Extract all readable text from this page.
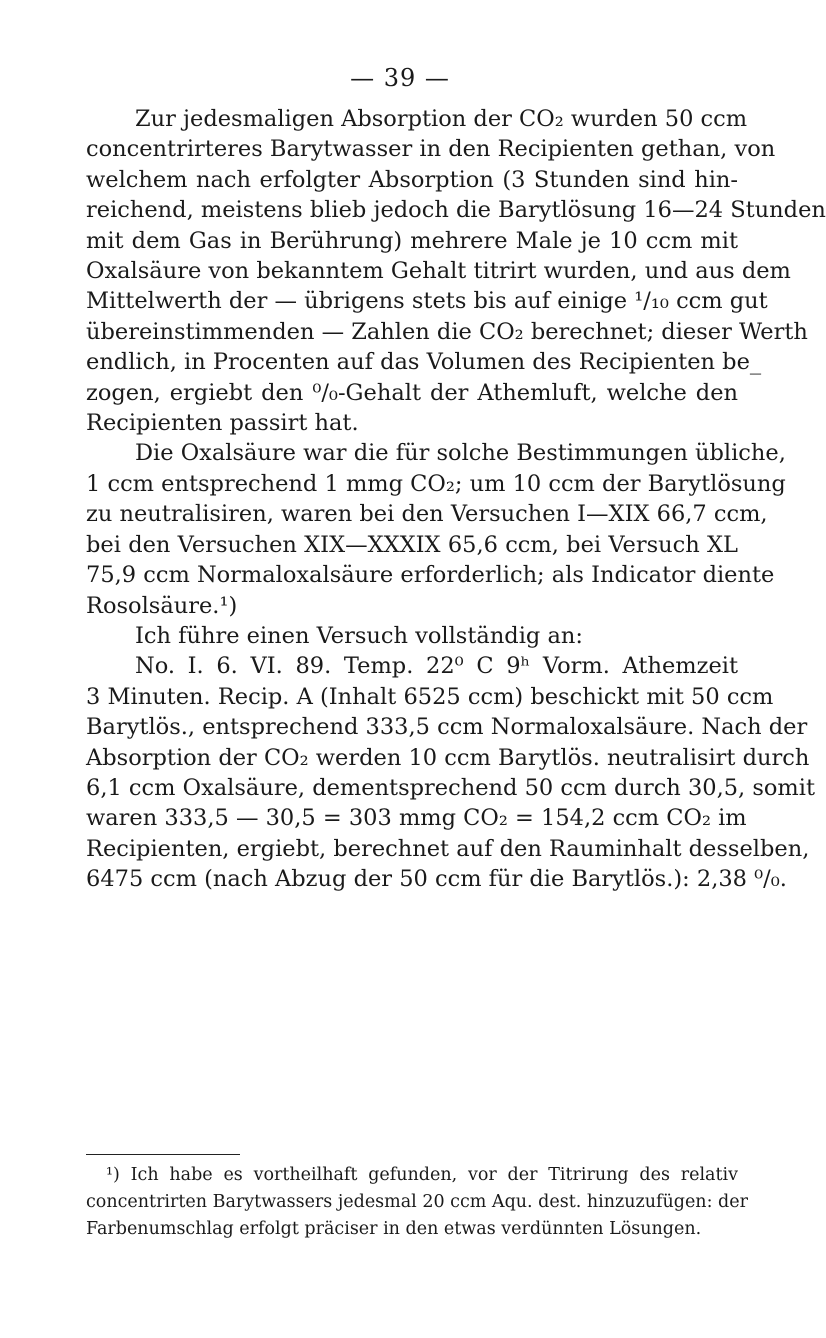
— 39 —
Zur jedesmaligen Absorption der CO₂ wurden 50 ccm
concentrirteres Barytwasser in den Recipienten gethan, von
welchem nach erfolgter Absorption (3 Stunden sind hin-
reichend, meistens blieb jedoch die Barytlösung 16—24 Stunden
mit dem Gas in Berührung) mehrere Male je 10 ccm mit
Oxalsäure von bekanntem Gehalt titrirt wurden, und aus dem
Mittelwerth der — übrigens stets bis auf einige ¹/₁₀ ccm gut
übereinstimmenden — Zahlen die CO₂ berechnet; dieser Werth
endlich, in Procenten auf das Volumen des Recipienten be_
zogen, ergiebt den ⁰/₀-Gehalt der Athemluft, welche den
Recipienten passirt hat.
Die Oxalsäure war die für solche Bestimmungen übliche,
1 ccm entsprechend 1 mmg CO₂; um 10 ccm der Barytlösung
zu neutralisiren, waren bei den Versuchen I—XIX 66,7 ccm,
bei den Versuchen XIX—XXXIX 65,6 ccm, bei Versuch XL
75,9 ccm Normaloxalsäure erforderlich; als Indicator diente
Rosolsäure.¹)
Ich führe einen Versuch vollständig an:
No. I. 6. VI. 89. Temp. 22⁰ C 9ʰ Vorm. Athemzeit
3 Minuten. Recip. A (Inhalt 6525 ccm) beschickt mit 50 ccm
Barytlös., entsprechend 333,5 ccm Normaloxalsäure. Nach der
Absorption der CO₂ werden 10 ccm Barytlös. neutralisirt durch
6,1 ccm Oxalsäure, dementsprechend 50 ccm durch 30,5, somit
waren 333,5 — 30,5 = 303 mmg CO₂ = 154,2 ccm CO₂ im
Recipienten, ergiebt, berechnet auf den Rauminhalt desselben,
6475 ccm (nach Abzug der 50 ccm für die Barytlös.): 2,38 ⁰/₀.
¹) Ich habe es vortheilhaft gefunden, vor der Titrirung des relativ
concentrirten Barytwassers jedesmal 20 ccm Aqu. dest. hinzuzufügen: der
Farbenumschlag erfolgt präciser in den etwas verdünnten Lösungen.
